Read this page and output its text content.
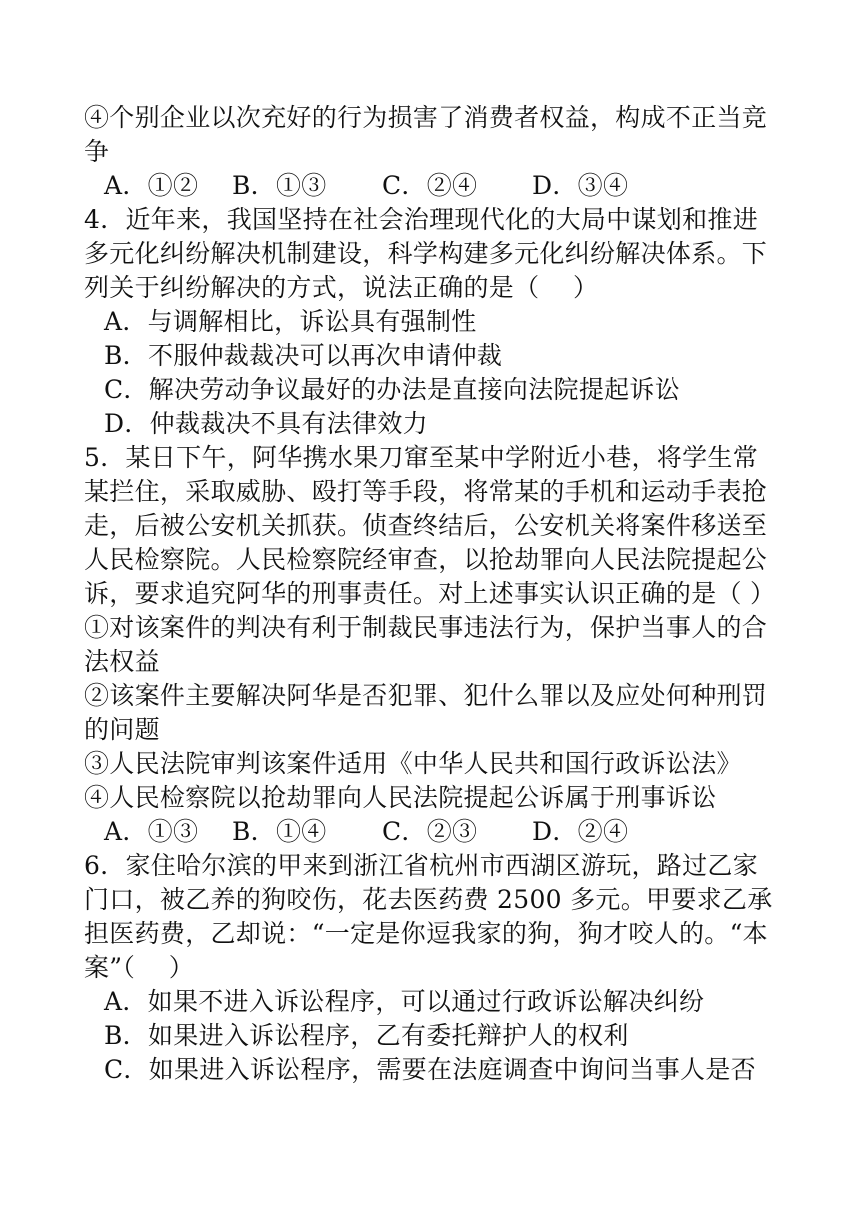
④个别企业以次充好的行为损害了消费者权益，构成不正当竞
争
A．①② B．①③ C．②④ D．③④
4．近年来，我国坚持在社会治理现代化的大局中谋划和推进
多元化纠纷解决机制建设，科学构建多元化纠纷解决体系。下
列关于纠纷解决的方式，说法正确的是（　 ）
A．与调解相比，诉讼具有强制性
B．不服仲裁裁决可以再次申请仲裁
C．解决劳动争议最好的办法是直接向法院提起诉讼
D．仲裁裁决不具有法律效力
5．某日下午，阿华携水果刀窜至某中学附近小巷，将学生常
某拦住，采取威胁、殴打等手段，将常某的手机和运动手表抢
走，后被公安机关抓获。侦查终结后，公安机关将案件移送至
人民检察院。人民检察院经审查，以抢劫罪向人民法院提起公
诉，要求追究阿华的刑事责任。对上述事实认识正确的是（ ）
①对该案件的判决有利于制裁民事违法行为，保护当事人的合
法权益
②该案件主要解决阿华是否犯罪、犯什么罪以及应处何种刑罚
的问题
③人民法院审判该案件适用《中华人民共和国行政诉讼法》
④人民检察院以抢劫罪向人民法院提起公诉属于刑事诉讼
A．①③ B．①④ C．②③ D．②④
6．家住哈尔滨的甲来到浙江省杭州市西湖区游玩，路过乙家
门口，被乙养的狗咬伤，花去医药费 2500 多元。甲要求乙承
担医药费，乙却说：“一定是你逗我家的狗，狗才咬人的。“本
案”（　 ）
A．如果不进入诉讼程序，可以通过行政诉讼解决纠纷
B．如果进入诉讼程序，乙有委托辩护人的权利
C．如果进入诉讼程序，需要在法庭调查中询问当事人是否
